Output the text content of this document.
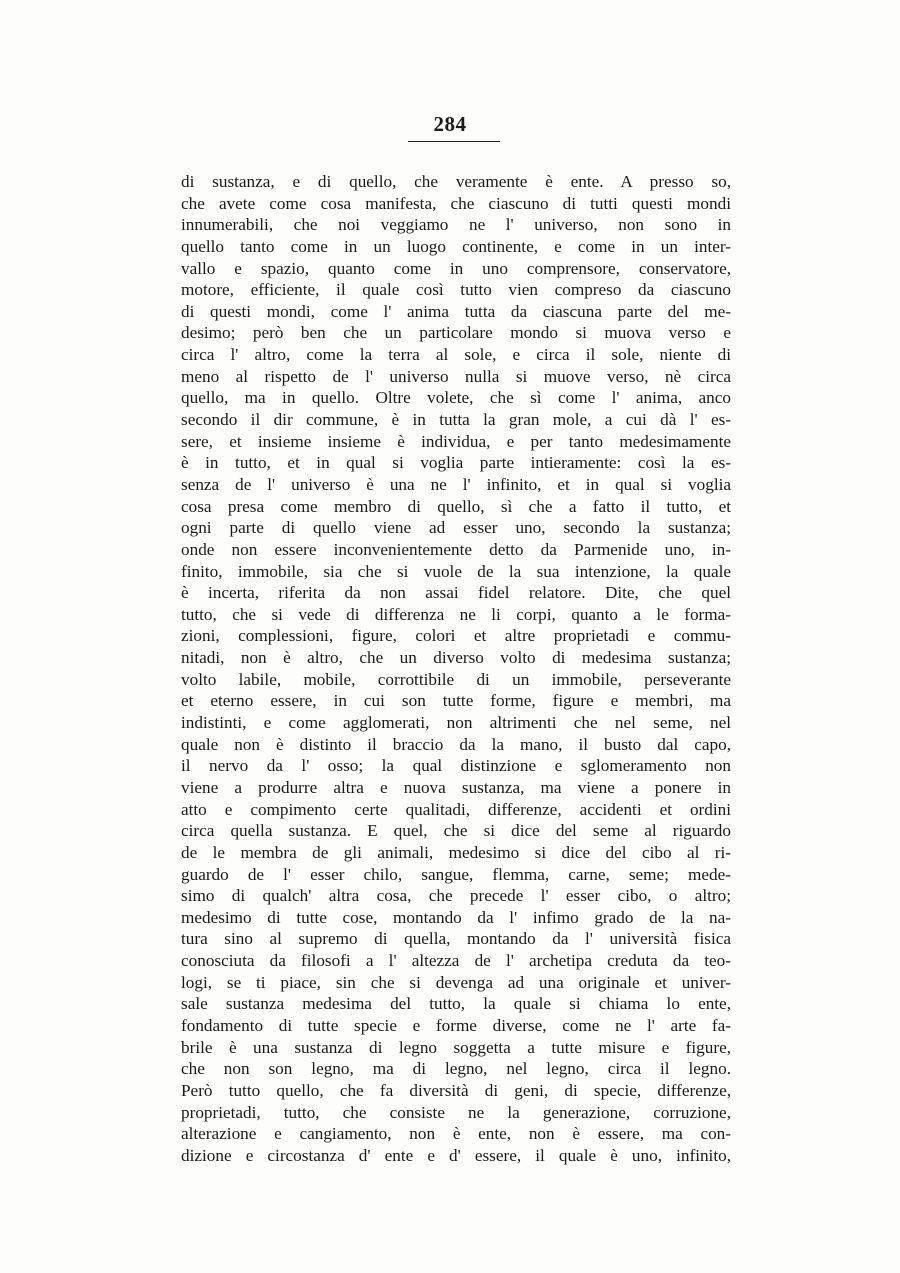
284
di sustanza, e di quello, che veramente è ente. A presso so,
che avete come cosa manifesta, che ciascuno di tutti questi mondi
innumerabili, che noi veggiamo ne l' universo, non sono in
quello tanto come in un luogo continente, e come in un inter-
vallo e spazio, quanto come in uno comprensore, conservatore,
motore, efficiente, il quale così tutto vien compreso da ciascuno
di questi mondi, come l' anima tutta da ciascuna parte del me-
desimo; però ben che un particolare mondo si muova verso e
circa l' altro, come la terra al sole, e circa il sole, niente di
meno al rispetto de l' universo nulla si muove verso, nè circa
quello, ma in quello. Oltre volete, che sì come l' anima, anco
secondo il dir commune, è in tutta la gran mole, a cui dà l' es-
sere, et insieme insieme è individua, e per tanto medesimamente
è in tutto, et in qual si voglia parte intieramente: così la es-
senza de l' universo è una ne l' infinito, et in qual si voglia
cosa presa come membro di quello, sì che a fatto il tutto, et
ogni parte di quello viene ad esser uno, secondo la sustanza;
onde non essere inconvenientemente detto da Parmenide uno, in-
finito, immobile, sia che si vuole de la sua intenzione, la quale
è incerta, riferita da non assai fidel relatore. Dite, che quel
tutto, che si vede di differenza ne li corpi, quanto a le forma-
zioni, complessioni, figure, colori et altre proprietadi e commu-
nitadi, non è altro, che un diverso volto di medesima sustanza;
volto labile, mobile, corrottibile di un immobile, perseverante
et eterno essere, in cui son tutte forme, figure e membri, ma
indistinti, e come agglomerati, non altrimenti che nel seme, nel
quale non è distinto il braccio da la mano, il busto dal capo,
il nervo da l' osso; la qual distinzione e sglomeramento non
viene a produrre altra e nuova sustanza, ma viene a ponere in
atto e compimento certe qualitadi, differenze, accidenti et ordini
circa quella sustanza. E quel, che si dice del seme al riguardo
de le membra de gli animali, medesimo si dice del cibo al ri-
guardo de l' esser chilo, sangue, flemma, carne, seme; mede-
simo di qualch' altra cosa, che precede l' esser cibo, o altro;
medesimo di tutte cose, montando da l' infimo grado de la na-
tura sino al supremo di quella, montando da l' università fisica
conosciuta da filosofi a l' altezza de l' archetipa creduta da teo-
logi, se ti piace, sin che si devenga ad una originale et univer-
sale sustanza medesima del tutto, la quale si chiama lo ente,
fondamento di tutte specie e forme diverse, come ne l' arte fa-
brile è una sustanza di legno soggetta a tutte misure e figure,
che non son legno, ma di legno, nel legno, circa il legno.
Però tutto quello, che fa diversità di geni, di specie, differenze,
proprietadi, tutto, che consiste ne la generazione, corruzione,
alterazione e cangiamento, non è ente, non è essere, ma con-
dizione e circostanza d' ente e d' essere, il quale è uno, infinito,
